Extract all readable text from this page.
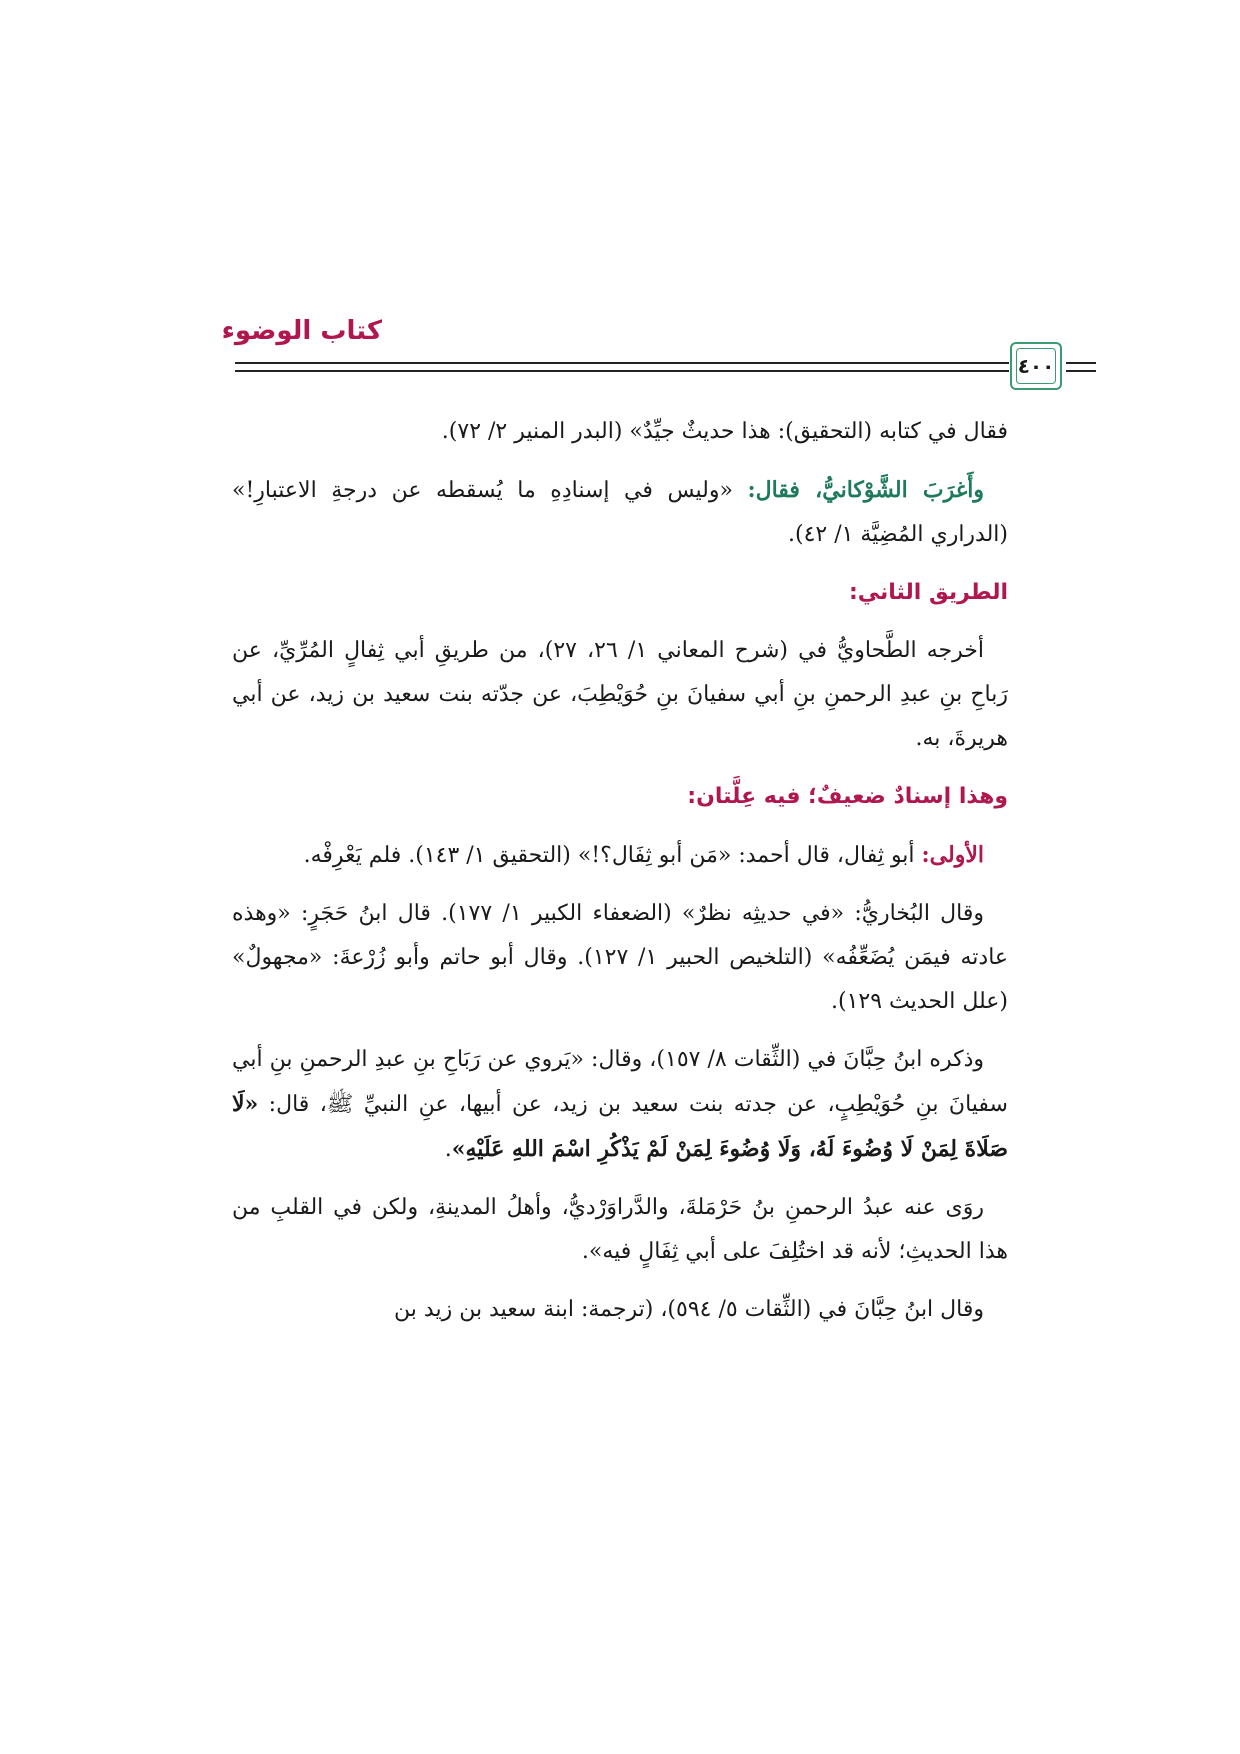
كتاب الوضوء
٤٠٠

فقال في كتابه (التحقيق): هذا حديثٌ جيِّدٌ» (البدر المنير ٢/ ٧٢).

وأَغرَبَ الشَّوْكانيُّ، فقال: «وليس في إسنادِهِ ما يُسقطه عن درجةِ الاعتبارِ!» (الدراري المُضِيَّة ١/ ٤٢).

الطريق الثاني:

أخرجه الطَّحاويُّ في (شرح المعاني ١/ ٢٦، ٢٧)، من طريقِ أبي ثِفالٍ المُرِّيِّ، عن رَباحِ بنِ عبدِ الرحمنِ بنِ أبي سفيانَ بنِ حُوَيْطِبَ، عن جدّته بنت سعيد بن زيد، عن أبي هريرةَ، به.

وهذا إسنادٌ ضعيفٌ؛ فيه عِلَّتان:

الأولى: أبو ثِفال، قال أحمد: «مَن أبو ثِفَال؟!» (التحقيق ١/ ١٤٣). فلم يَعْرِفْه.

وقال البُخاريُّ: «في حديثِه نظرٌ» (الضعفاء الكبير ١/ ١٧٧). قال ابنُ حَجَرٍ: «وهذه عادته فيمَن يُضَعِّفُه» (التلخيص الحبير ١/ ١٢٧). وقال أبو حاتم وأبو زُرْعةَ: «مجهولٌ» (علل الحديث ١٢٩).

وذكره ابنُ حِبَّانَ في (الثِّقات ٨/ ١٥٧)، وقال: «يَروي عن رَبَاحِ بنِ عبدِ الرحمنِ بنِ أبي سفيانَ بنِ حُوَيْطِبٍ، عن جدته بنت سعيد بن زيد، عن أبيها، عنِ النبيِّ ﷺ، قال: «لَا صَلَاةَ لِمَنْ لَا وُضُوءَ لَهُ، وَلَا وُضُوءَ لِمَنْ لَمْ يَذْكُرِ اسْمَ اللهِ عَلَيْهِ».

روَى عنه عبدُ الرحمنِ بنُ حَرْمَلةَ، والدَّراوَرْديُّ، وأهلُ المدينةِ، ولكن في القلبِ من هذا الحديثِ؛ لأنه قد اختُلِفَ على أبي ثِفَالٍ فيه».

وقال ابنُ حِبَّانَ في (الثِّقات ٥/ ٥٩٤)، (ترجمة: ابنة سعيد بن زيد بن
